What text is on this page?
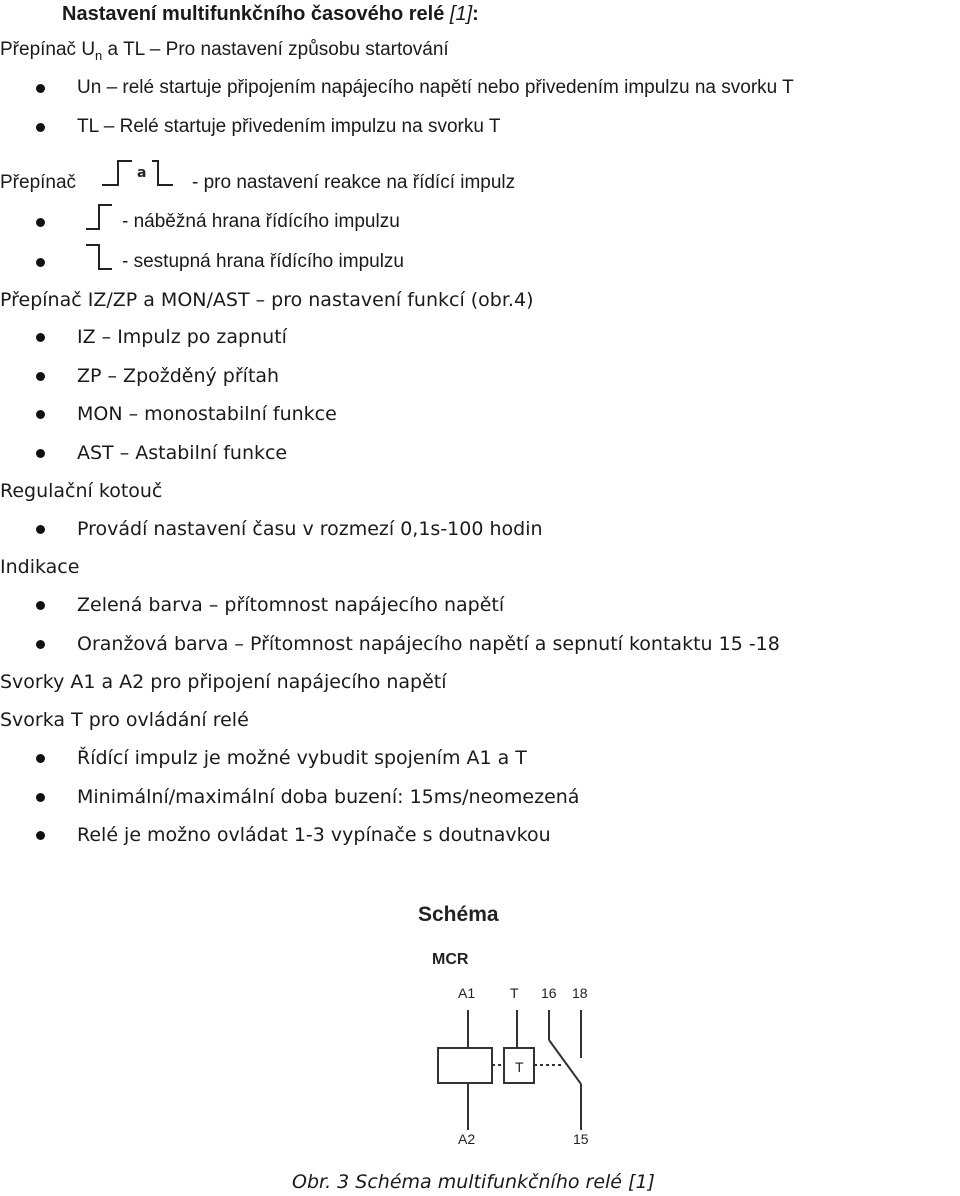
Nastavení multifunkčního časového relé [1]:
Přepínač $U_n$ a TL – Pro nastavení způsobu startování
Un – relé startuje připojením napájecího napětí nebo přivedením impulzu na svorku T
TL – Relé startuje přivedením impulzu na svorku T
Přepínač	a - pro nastavení reakce na řídící impulz
- náběžná hrana řídícího impulzu
- sestupná hrana řídícího impulzu
Přepínač IZ/ZP a MON/AST – pro nastavení funkcí (obr.4)
IZ – Impulz po zapnutí
ZP – Zpožděný přítah
MON – monostabilní funkce
AST – Astabilní funkce
Regulační kotouč
Provádí nastavení času v rozmezí 0,1s-100 hodin
Indikace
Zelená barva – přítomnost napájecího napětí
Oranžová barva – Přítomnost napájecího napětí a sepnutí kontaktu 15 -18
Svorky A1 a A2 pro připojení napájecího napětí
Svorka T pro ovládání relé
Řídící impulz je možné vybudit spojením A1 a T
Minimální/maximální doba buzení: 15ms/neomezená
Relé je možno ovládat 1-3 vypínače s doutnavkou
Schéma
MCR
A1 T 16 18
T
A2	15
Obr. 3 Schéma multifunkčního relé [1]
